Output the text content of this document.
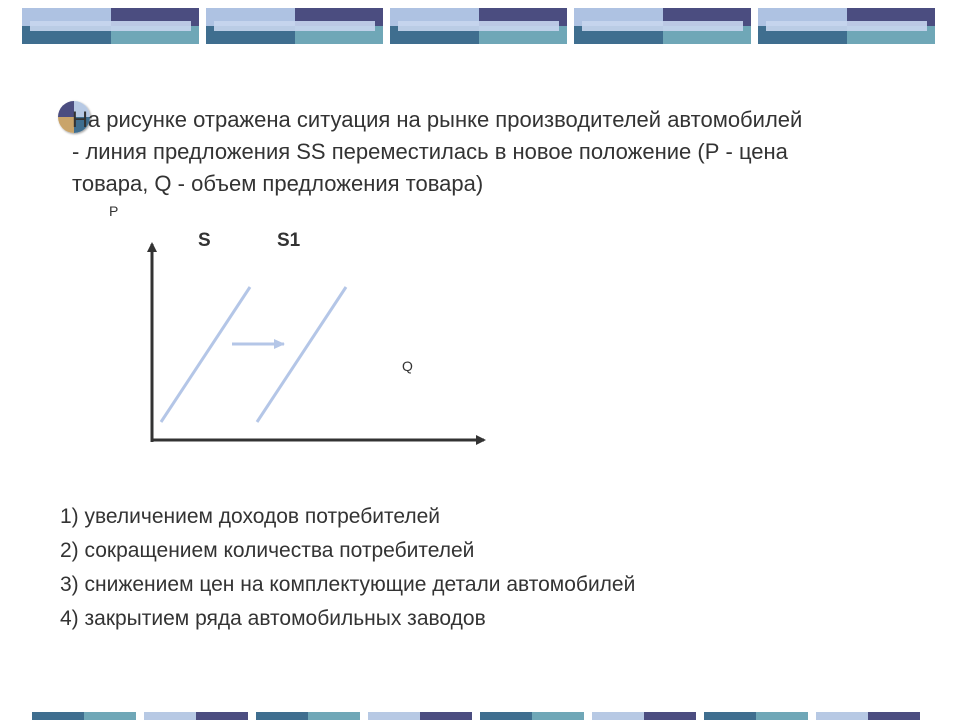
На рисунке отражена ситуация на рынке производителей автомобилей
- линия предложения SS переместилась в новое положение (Р - цена
товара, Q - объем предложения товара)
P
Q
S	S1
1) увеличением доходов потребителей
2) сокращением количества потребителей
3) снижением цен на комплектующие детали автомобилей
4) закрытием ряда автомобильных заводов
